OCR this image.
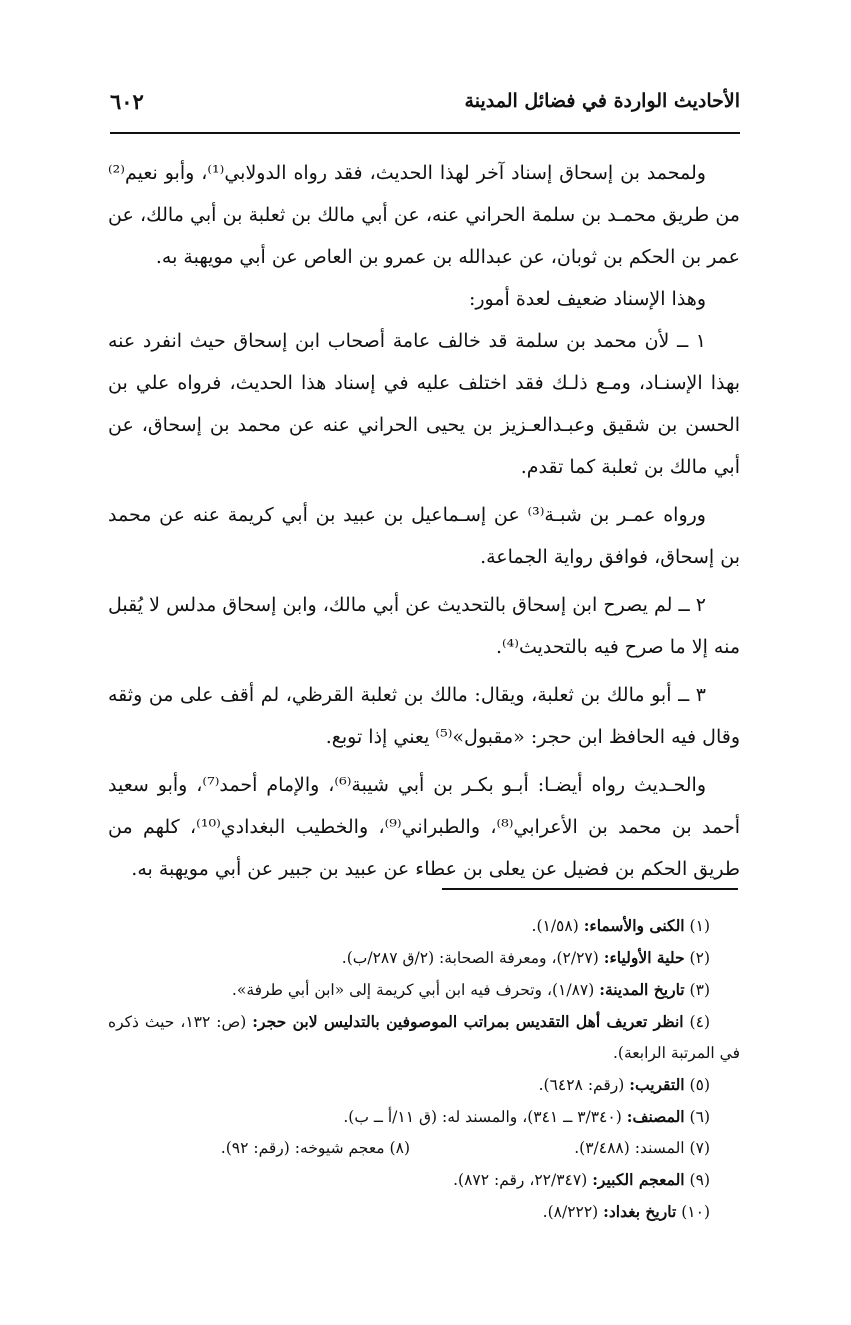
الأحاديث الواردة في فضائل المدينة
٦٠٢

ولمحمد بن إسحاق إسناد آخر لهذا الحديث، فقد رواه الدولابي⁽¹⁾، وأبو نعيم⁽²⁾ من طريق محمـد بن سلمة الحراني عنه، عن أبي مالك بن ثعلبة بن أبي مالك، عن عمر بن الحكم بن ثوبان، عن عبدالله بن عمرو بن العاص عن أبي مويهبة به.

وهذا الإسناد ضعيف لعدة أمور:

١ ــ لأن محمد بن سلمة قد خالف عامة أصحاب ابن إسحاق حيث انفرد عنه بهذا الإسنـاد، ومـع ذلـك فقد اختلف عليه في إسناد هذا الحديث، فرواه علي بن الحسن بن شقيق وعبـدالعـزيز بن يحيى الحراني عنه عن محمد بن إسحاق، عن أبي مالك بن ثعلبة كما تقدم.

ورواه عمـر بن شبـة⁽³⁾ عن إسـماعيل بن عبيد بن أبي كريمة عنه عن محمد بن إسحاق، فوافق رواية الجماعة.

٢ ــ لم يصرح ابن إسحاق بالتحديث عن أبي مالك، وابن إسحاق مدلس لا يُقبل منه إلا ما صرح فيه بالتحديث⁽⁴⁾.

٣ ــ أبو مالك بن ثعلبة، ويقال: مالك بن ثعلبة القرظي، لم أقف على من وثقه وقال فيه الحافظ ابن حجر: «مقبول»⁽⁵⁾ يعني إذا توبع.

والحـديث رواه أيضـا: أبـو بكـر بن أبي شيبة⁽⁶⁾، والإمام أحمد⁽⁷⁾، وأبو سعيد أحمد بن محمد بن الأعرابي⁽⁸⁾، والطبراني⁽⁹⁾، والخطيب البغدادي⁽¹⁰⁾، كلهم من طريق الحكم بن فضيل عن يعلى بن عطاء عن عبيد بن جبير عن أبي مويهبة به.

(١) الكنى والأسماء: (١/٥٨).

(٢) حلية الأولياء: (٢/٢٧)، ومعرفة الصحابة: (٢/ق ٢٨٧/ب).

(٣) تاريخ المدينة: (١/٨٧)، وتحرف فيه ابن أبي كريمة إلى «ابن أبي طرفة».

(٤) انظر تعريف أهل التقديس بمراتب الموصوفين بالتدليس لابن حجر: (ص: ١٣٢، حيث ذكره في المرتبة الرابعة).

(٥) التقريب: (رقم: ٦٤٢٨).

(٦) المصنف: (٣/٣٤٠ ــ ٣٤١)، والمسند له: (ق ١١/أ ــ ب).

(٧) المسند: (٣/٤٨٨).
(٨) معجم شيوخه: (رقم: ٩٢).

(٩) المعجم الكبير: (٢٢/٣٤٧، رقم: ٨٧٢).

(١٠) تاريخ بغداد: (٨/٢٢٢).
